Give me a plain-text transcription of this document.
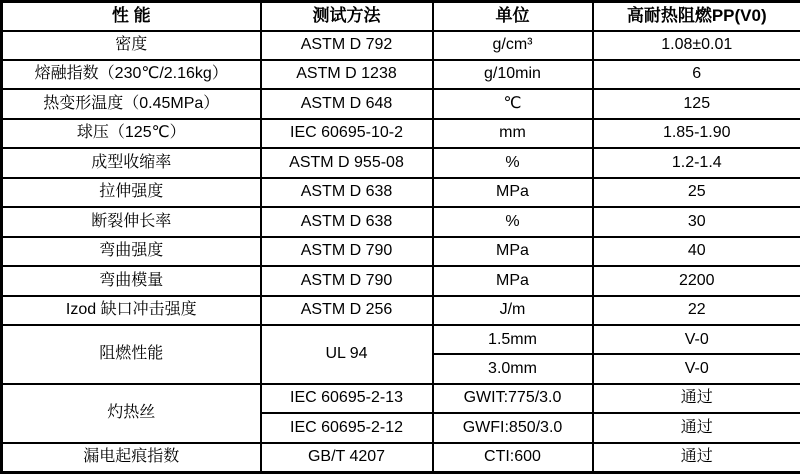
性 能	测试方法	单位	高耐热阻燃PP(V0)
密度	ASTM D 792	g/cm³	1.08±0.01
熔融指数（230℃/2.16kg）	ASTM D 1238	g/10min	6
热变形温度（0.45MPa）	ASTM D 648	℃	125
球压（125℃）	IEC 60695-10-2	mm	1.85-1.90
成型收缩率	ASTM D 955-08	%	1.2-1.4
拉伸强度	ASTM D 638	MPa	25
断裂伸长率	ASTM D 638	%	30
弯曲强度	ASTM D 790	MPa	40
弯曲模量	ASTM D 790	MPa	2200
Izod 缺口冲击强度	ASTM D 256	J/m	22
阻燃性能	UL 94	1.5mm	V-0
		3.0mm	V-0
灼热丝	IEC 60695-2-13	GWIT:775/3.0	通过
	IEC 60695-2-12	GWFI:850/3.0	通过
漏电起痕指数	GB/T 4207	CTI:600	通过
